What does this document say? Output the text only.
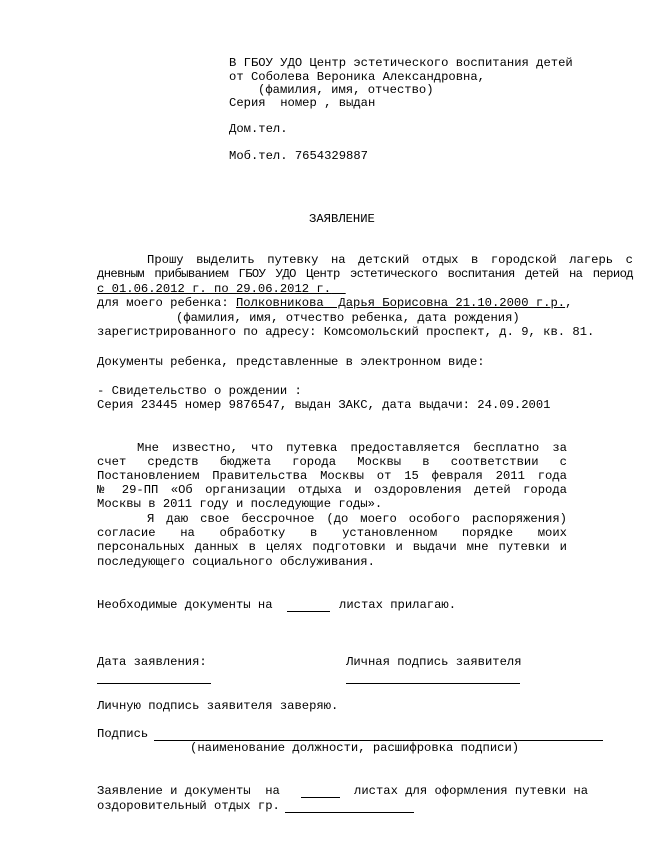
В ГБОУ УДО Центр эстетического воспитания детей
от Соболева Вероника Александровна,
(фамилия, имя, отчество)
Серия  номер , выдан
Дом.тел.
Моб.тел. 7654329887
ЗАЯВЛЕНИЕ
Прошу выделить путевку на детский отдых в городской лагерь с
дневным прибыванием ГБОУ УДО Центр эстетического воспитания детей на период
с 01.06.2012 г. по 29.06.2012 г.
для моего ребенка: Полковникова  Дарья Борисовна 21.10.2000 г.р.,
(фамилия, имя, отчество ребенка, дата рождения)
зарегистрированного по адресу: Комсомольский проспект, д. 9, кв. 81.
Документы ребенка, представленные в электронном виде:
- Свидетельство о рождении :
Серия 23445 номер 9876547, выдан ЗАКС, дата выдачи: 24.09.2001
Мне известно, что путевка предоставляется бесплатно за
счет средств бюджета города Москвы в соответствии с
Постановлением Правительства Москвы от 15 февраля 2011 года
№ 29-ПП «Об организации отдыха и оздоровления детей города
Москвы в 2011 году и последующие годы».
Я даю свое бессрочное (до моего особого распоряжения)
согласие на обработку в установленном порядке моих
персональных данных в целях подготовки и выдачи мне путевки и
последующего социального обслуживания.
Необходимые документы на	листах прилагаю.
Дата заявления:	Личная подпись заявителя
Личную подпись заявителя заверяю.
Подпись
(наименование должности, расшифровка подписи)
Заявление и документы  на	листах для оформления путевки на
оздоровительный отдых гр.
